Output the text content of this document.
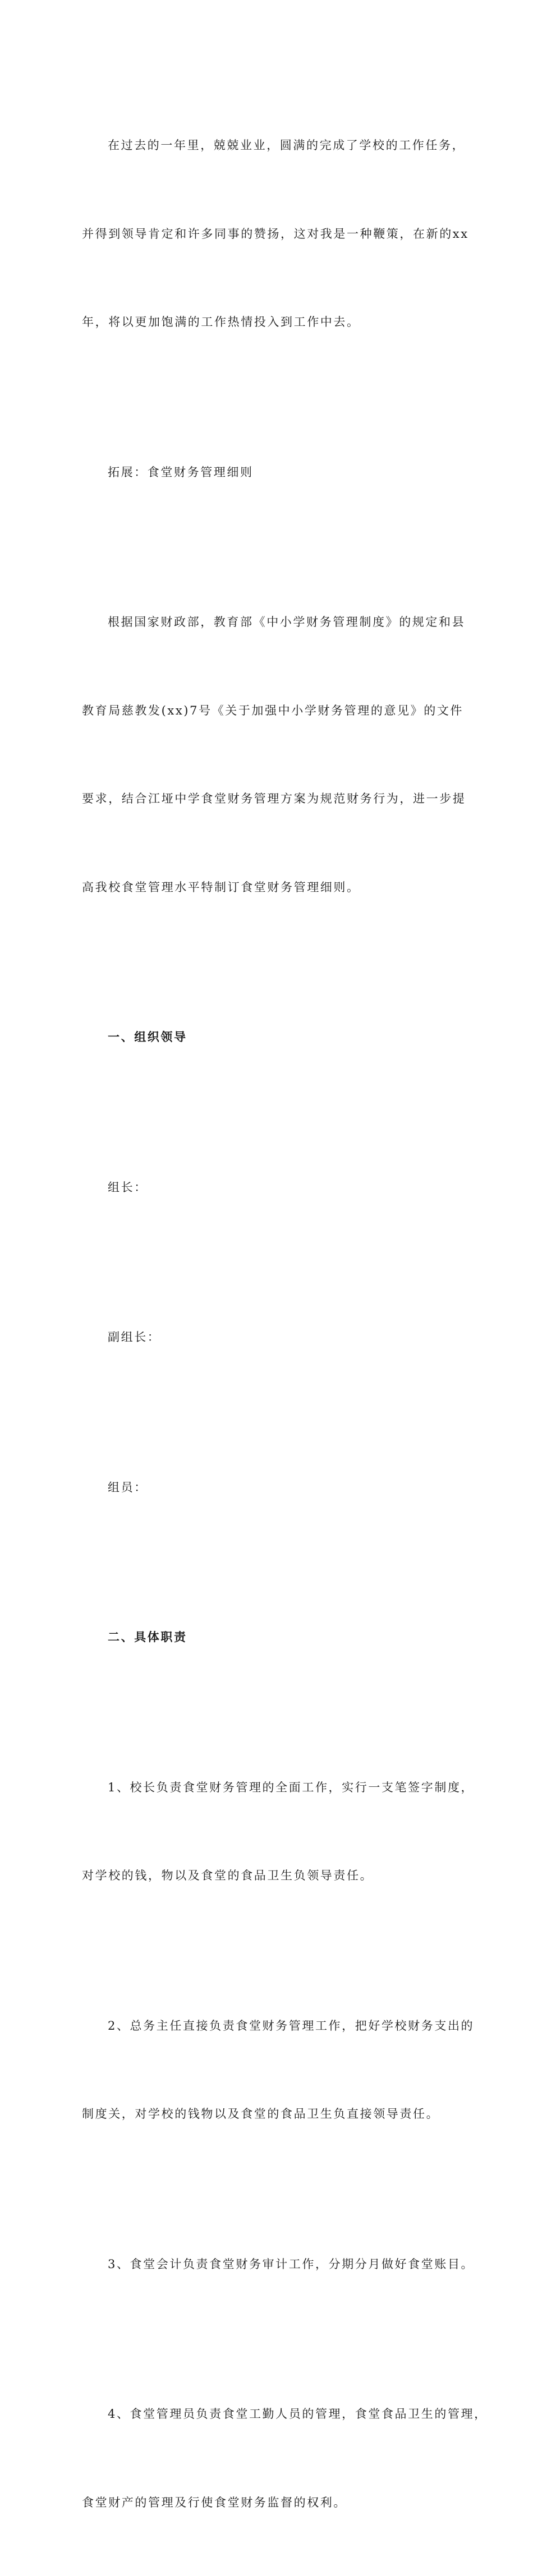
在过去的一年里，兢兢业业，圆满的完成了学校的工作任务，

并得到领导肯定和许多同事的赞扬，这对我是一种鞭策，在新的xx

年，将以更加饱满的工作热情投入到工作中去。

拓展：食堂财务管理细则

根据国家财政部，教育部《中小学财务管理制度》的规定和县

教育局慈教发(xx)7号《关于加强中小学财务管理的意见》的文件

要求，结合江垭中学食堂财务管理方案为规范财务行为，进一步提

高我校食堂管理水平特制订食堂财务管理细则。

一、组织领导

组长：

副组长：

组员：

二、具体职责

1、校长负责食堂财务管理的全面工作，实行一支笔签字制度，

对学校的钱，物以及食堂的食品卫生负领导责任。

2、总务主任直接负责食堂财务管理工作，把好学校财务支出的

制度关，对学校的钱物以及食堂的食品卫生负直接领导责任。

3、食堂会计负责食堂财务审计工作，分期分月做好食堂账目。

4、食堂管理员负责食堂工勤人员的管理，食堂食品卫生的管理，

食堂财产的管理及行使食堂财务监督的权利。
